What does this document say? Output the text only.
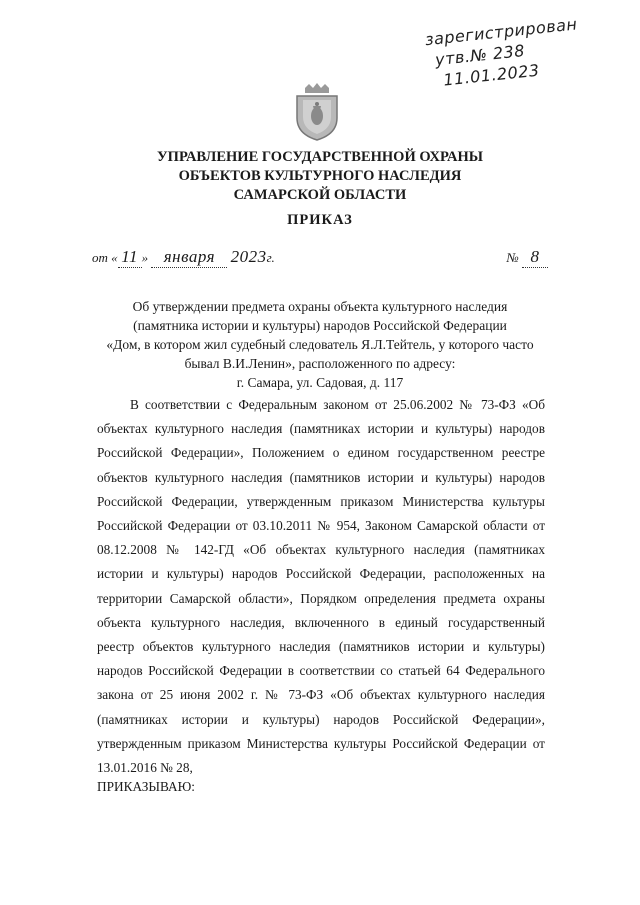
зарегистрирован
утв.№ 238
11.01.2023
УПРАВЛЕНИЕ ГОСУДАРСТВЕННОЙ ОХРАНЫ
ОБЪЕКТОВ КУЛЬТУРНОГО НАСЛЕДИЯ
САМАРСКОЙ ОБЛАСТИ
ПРИКАЗ
от « 11 » января 2023г.	№ 8
Об утверждении предмета охраны объекта культурного наследия
(памятника истории и культуры) народов Российской Федерации
«Дом, в котором жил судебный следователь Я.Л.Тейтель, у которого часто
бывал В.И.Ленин», расположенного по адресу:
г. Самара, ул. Садовая, д. 117

В соответствии с Федеральным законом от 25.06.2002 № 73-ФЗ «Об объектах культурного наследия (памятниках истории и культуры) народов Российской Федерации», Положением о едином государственном реестре объектов культурного наследия (памятников истории и культуры) народов Российской Федерации, утвержденным приказом Министерства культуры Российской Федерации от 03.10.2011 № 954, Законом Самарской области от 08.12.2008 № 142-ГД «Об объектах культурного наследия (памятниках истории и культуры) народов Российской Федерации, расположенных на территории Самарской области», Порядком определения предмета охраны объекта культурного наследия, включенного в единый государственный реестр объектов культурного наследия (памятников истории и культуры) народов Российской Федерации в соответствии со статьей 64 Федерального закона от 25 июня 2002 г. № 73-ФЗ «Об объектах культурного наследия (памятниках истории и культуры) народов Российской Федерации», утвержденным приказом Министерства культуры Российской Федерации от 13.01.2016 № 28,

ПРИКАЗЫВАЮ:
